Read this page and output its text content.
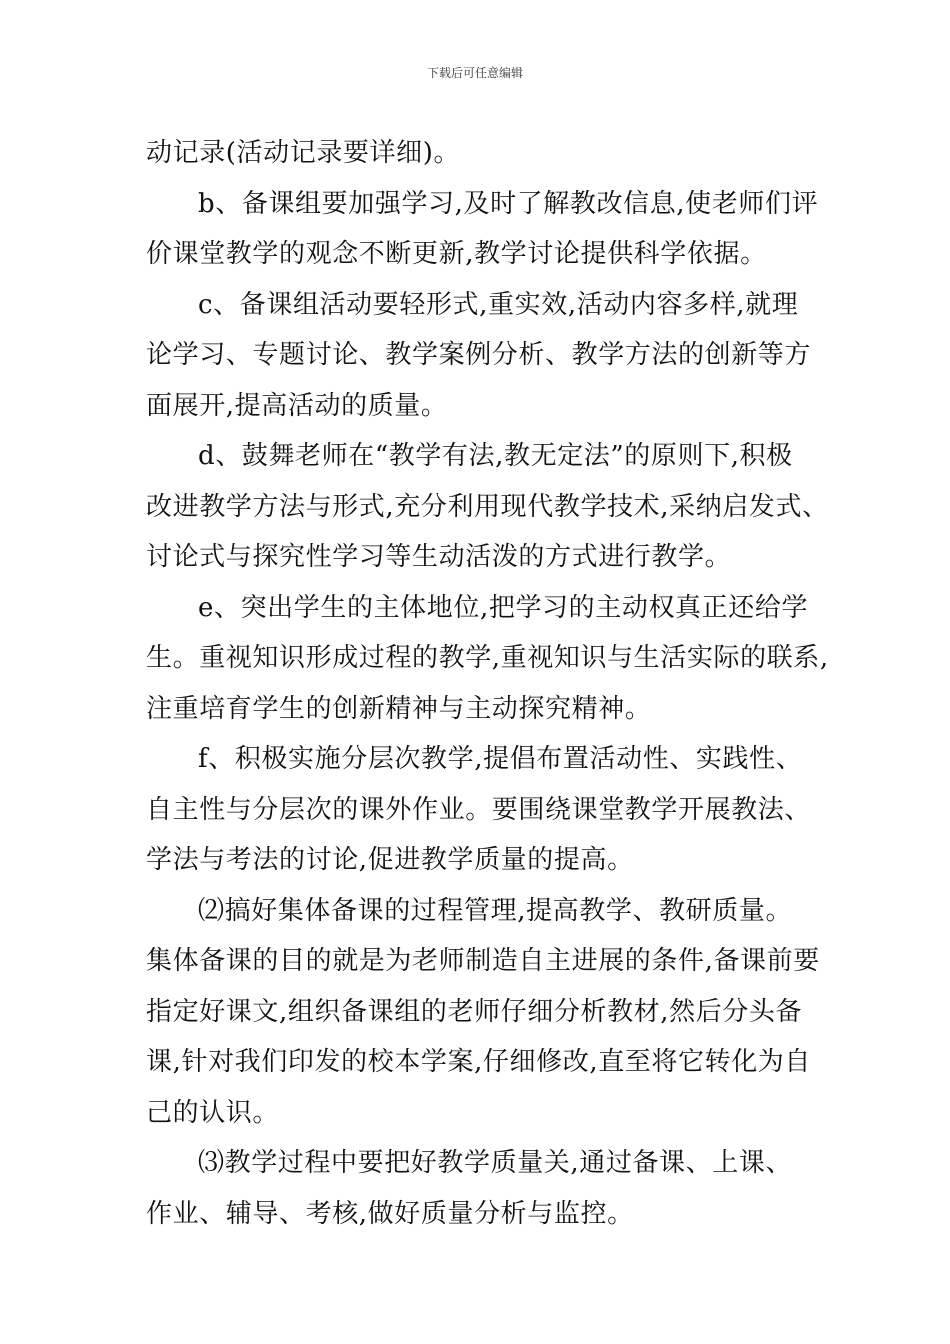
下载后可任意编辑
动记录(活动记录要详细)。
b、备课组要加强学习,及时了解教改信息,使老师们评
价课堂教学的观念不断更新,教学讨论提供科学依据。
c、备课组活动要轻形式,重实效,活动内容多样,就理
论学习、专题讨论、教学案例分析、教学方法的创新等方
面展开,提高活动的质量。
d、鼓舞老师在“教学有法,教无定法”的原则下,积极
改进教学方法与形式,充分利用现代教学技术,采纳启发式、
讨论式与探究性学习等生动活泼的方式进行教学。
e、突出学生的主体地位,把学习的主动权真正还给学
生。重视知识形成过程的教学,重视知识与生活实际的联系,
注重培育学生的创新精神与主动探究精神。
f、积极实施分层次教学,提倡布置活动性、实践性、
自主性与分层次的课外作业。要围绕课堂教学开展教法、
学法与考法的讨论,促进教学质量的提高。
⑵搞好集体备课的过程管理,提高教学、教研质量。
集体备课的目的就是为老师制造自主进展的条件,备课前要
指定好课文,组织备课组的老师仔细分析教材,然后分头备
课,针对我们印发的校本学案,仔细修改,直至将它转化为自
己的认识。
⑶教学过程中要把好教学质量关,通过备课、上课、
作业、辅导、考核,做好质量分析与监控。
